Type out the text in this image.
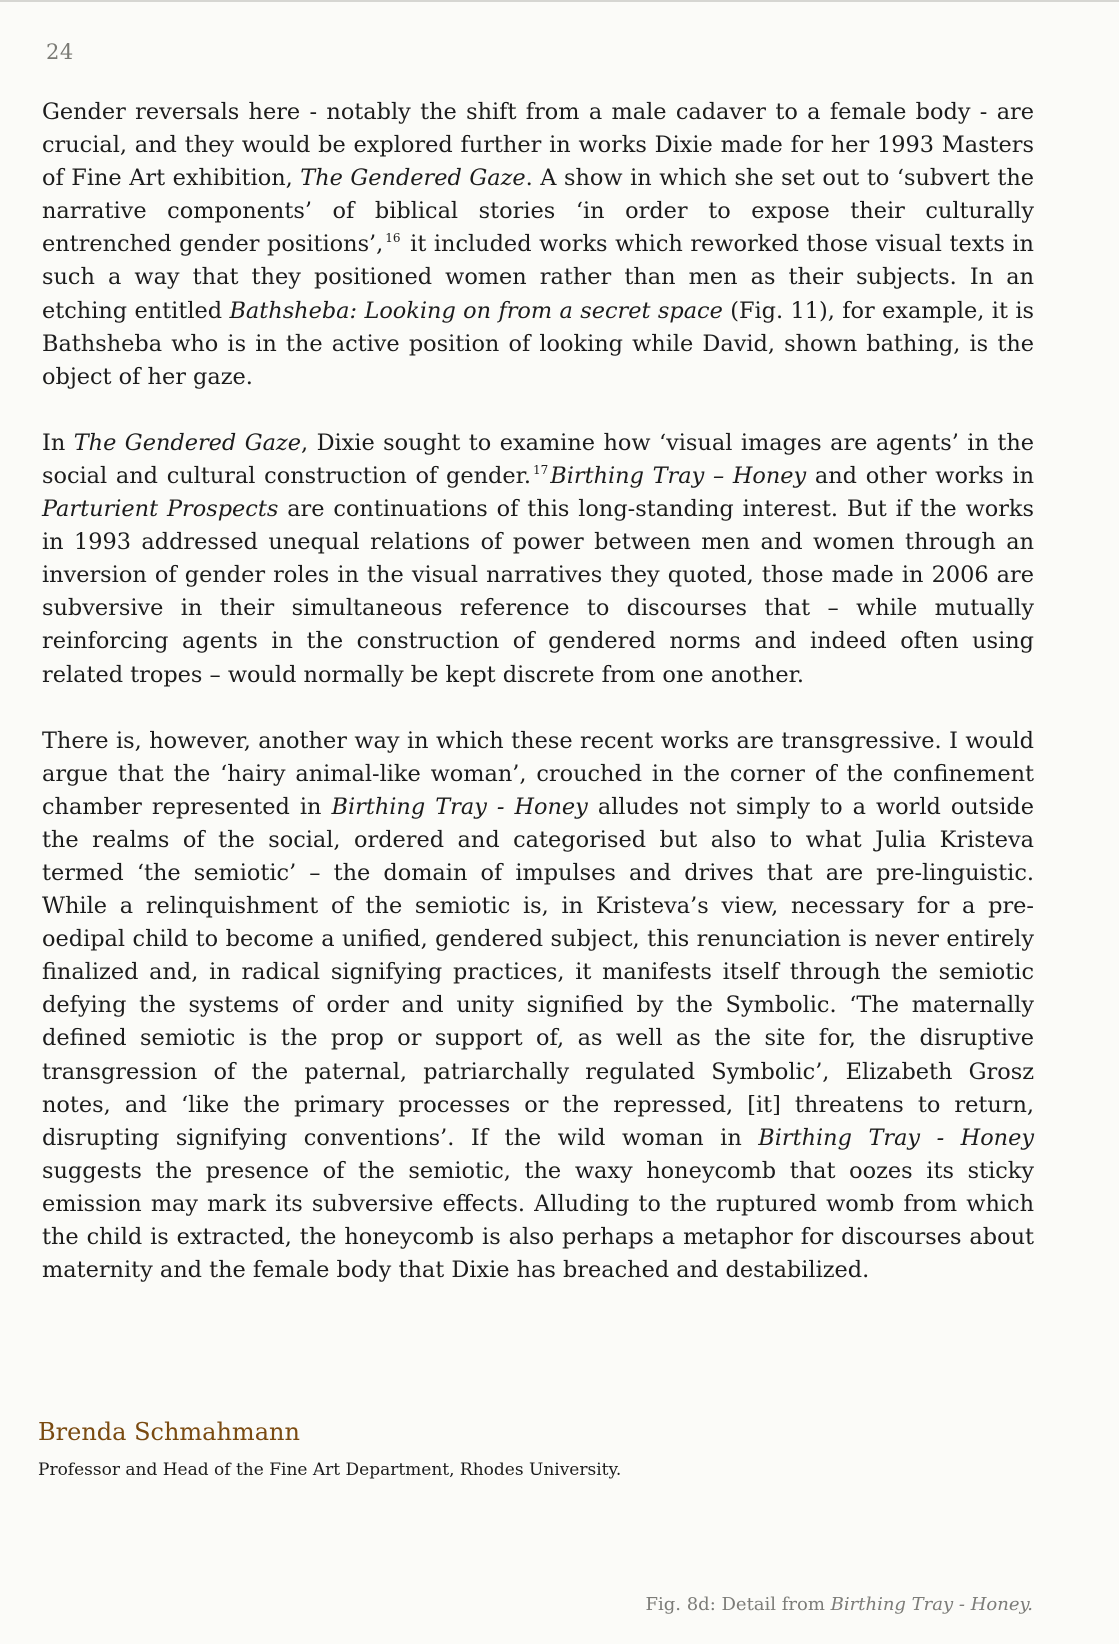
24

Gender reversals here - notably the shift from a male cadaver to a female body - are crucial, and they would be explored further in works Dixie made for her 1993 Masters of Fine Art exhibition, The Gendered Gaze. A show in which she set out to ‘subvert the narrative components’ of biblical stories ‘in order to expose their culturally entrenched gender positions’, $^{16}$ it included works which reworked those visual texts in such a way that they positioned women rather than men as their subjects. In an etching entitled Bathsheba: Looking on from a secret space (Fig. 11), for example, it is Bathsheba who is in the active position of looking while David, shown bathing, is the object of her gaze.

In The Gendered Gaze, Dixie sought to examine how ‘visual images are agents’ in the social and cultural construction of gender. $^{17}$Birthing Tray – Honey and other works in Parturient Prospects are continuations of this long-standing interest. But if the works in 1993 addressed unequal relations of power between men and women through an inversion of gender roles in the visual narratives they quoted, those made in 2006 are subversive in their simultaneous reference to discourses that – while mutually reinforcing agents in the construction of gendered norms and indeed often using related tropes – would normally be kept discrete from one another.

There is, however, another way in which these recent works are transgressive. I would argue that the ‘hairy animal-like woman’, crouched in the corner of the confinement chamber represented in Birthing Tray - Honey alludes not simply to a world outside the realms of the social, ordered and categorised but also to what Julia Kristeva termed ‘the semiotic’ – the domain of impulses and drives that are pre-linguistic. While a relinquishment of the semiotic is, in Kristeva’s view, necessary for a pre-oedipal child to become a unified, gendered subject, this renunciation is never entirely finalized and, in radical signifying practices, it manifests itself through the semiotic defying the systems of order and unity signified by the Symbolic. ‘The maternally defined semiotic is the prop or support of, as well as the site for, the disruptive transgression of the paternal, patriarchally regulated Symbolic’, Elizabeth Grosz notes, and ‘like the primary processes or the repressed, [it] threatens to return, disrupting signifying conventions’. If the wild woman in Birthing Tray - Honey suggests the presence of the semiotic, the waxy honeycomb that oozes its sticky emission may mark its subversive effects. Alluding to the ruptured womb from which the child is extracted, the honeycomb is also perhaps a metaphor for discourses about maternity and the female body that Dixie has breached and destabilized.

Brenda Schmahmann
Professor and Head of the Fine Art Department, Rhodes University.
Fig. 8d: Detail from Birthing Tray - Honey.
